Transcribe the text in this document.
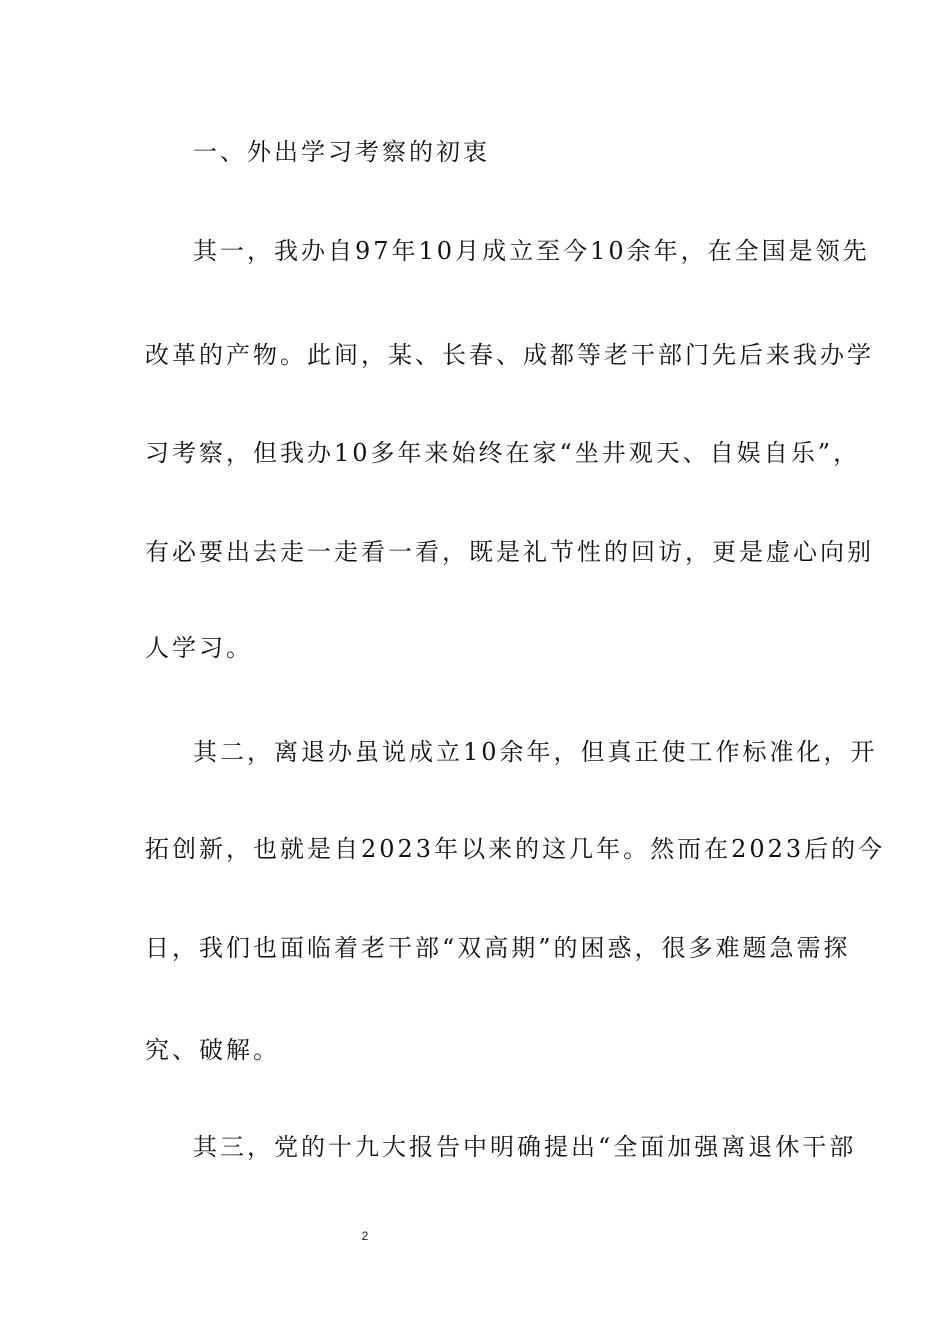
一、外出学习考察的初衷
其一，我办自97年10月成立至今10余年，在全国是领先
改革的产物。此间，某、长春、成都等老干部门先后来我办学
习考察，但我办10多年来始终在家“坐井观天、自娱自乐”，
有必要出去走一走看一看，既是礼节性的回访，更是虚心向别
人学习。
其二，离退办虽说成立10余年，但真正使工作标准化，开
拓创新，也就是自2023年以来的这几年。然而在2023后的今
日，我们也面临着老干部“双高期”的困惑，很多难题急需探
究、破解。
其三，党的十九大报告中明确提出“全面加强离退休干部
2
